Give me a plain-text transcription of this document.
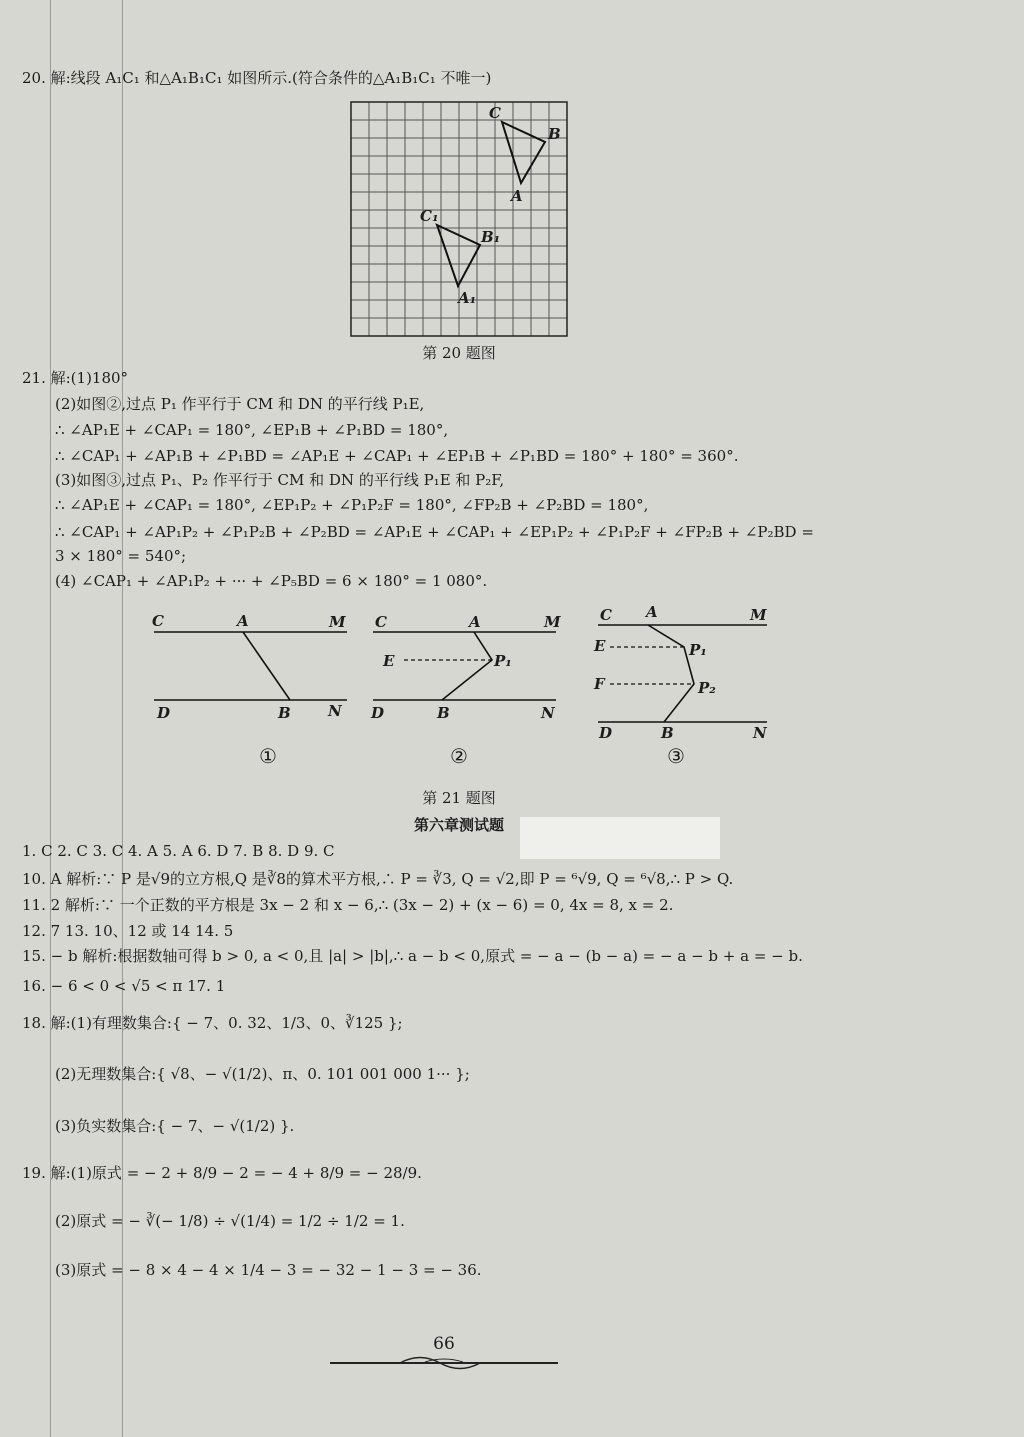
20. 解:线段 A₁C₁ 和△A₁B₁C₁ 如图所示.(符合条件的△A₁B₁C₁ 不唯一)
C
B
A
C₁
B₁
A₁
C	A	M
D	B N
①
C	A	M
E	P₁
D	B	N
②
C A	M
E	P₁
F	P₂
D	B	N
③
第 20 题图
21. 解:(1)180°
(2)如图②,过点 P₁ 作平行于 CM 和 DN 的平行线 P₁E,
∴ ∠AP₁E + ∠CAP₁ = 180°, ∠EP₁B + ∠P₁BD = 180°,
∴ ∠CAP₁ + ∠AP₁B + ∠P₁BD = ∠AP₁E + ∠CAP₁ + ∠EP₁B + ∠P₁BD = 180° + 180° = 360°.
(3)如图③,过点 P₁、P₂ 作平行于 CM 和 DN 的平行线 P₁E 和 P₂F,
∴ ∠AP₁E + ∠CAP₁ = 180°, ∠EP₁P₂ + ∠P₁P₂F = 180°, ∠FP₂B + ∠P₂BD = 180°,
∴ ∠CAP₁ + ∠AP₁P₂ + ∠P₁P₂B + ∠P₂BD = ∠AP₁E + ∠CAP₁ + ∠EP₁P₂ + ∠P₁P₂F + ∠FP₂B + ∠P₂BD =
3 × 180° = 540°;
(4) ∠CAP₁ + ∠AP₁P₂ + ··· + ∠P₅BD = 6 × 180° = 1 080°.
第 21 题图
第六章测试题
1. C 2. C 3. C 4. A 5. A 6. D 7. B 8. D 9. C
10. A 解析:∵ P 是√9的立方根,Q 是∛8的算术平方根,∴ P = ∛3, Q = √2,即 P = ⁶√9, Q = ⁶√8,∴ P > Q.
11. 2 解析:∵ 一个正数的平方根是 3x − 2 和 x − 6,∴ (3x − 2) + (x − 6) = 0, 4x = 8, x = 2.
12. 7 13. 10、12 或 14 14. 5
15. − b 解析:根据数轴可得 b > 0, a < 0,且 |a| > |b|,∴ a − b < 0,原式 = − a − (b − a) = − a − b + a = − b.
16. − 6 < 0 < √5 < π 17. 1
18. 解:(1)有理数集合:{ − 7、0. 32、1/3、0、∛125 };
(2)无理数集合:{ √8、− √(1/2)、π、0. 101 001 000 1··· };
(3)负实数集合:{ − 7、− √(1/2) }.
19. 解:(1)原式 = − 2 + 8/9 − 2 = − 4 + 8/9 = − 28/9.
(2)原式 = − ∛(− 1/8) ÷ √(1/4) = 1/2 ÷ 1/2 = 1.
(3)原式 = − 8 × 4 − 4 × 1/4 − 3 = − 32 − 1 − 3 = − 36.
66
